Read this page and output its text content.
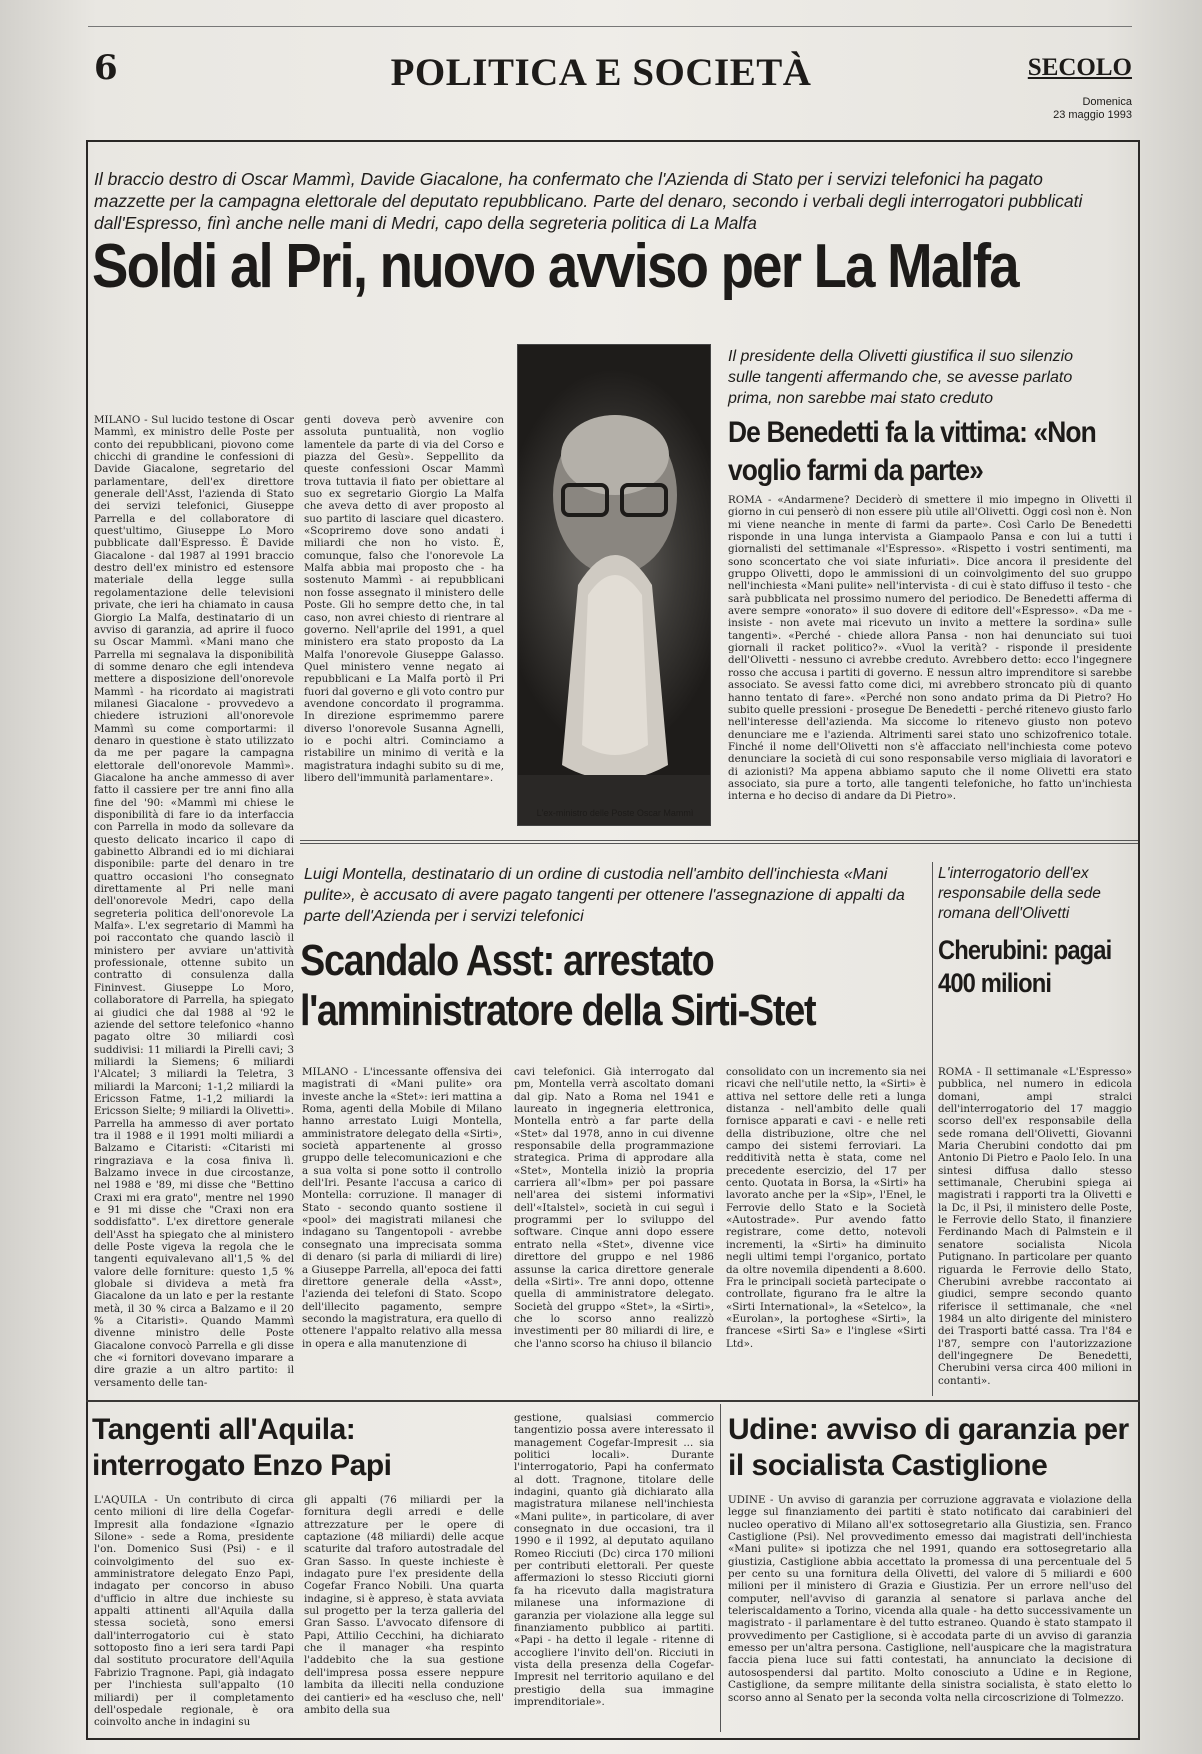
6	POLITICA E SOCIETÀ	SECOLO
Domenica
23 maggio 1993
Il braccio destro di Oscar Mammì, Davide Giacalone, ha confermato che l'Azienda di Stato per i servizi telefonici ha pagato mazzette per la campagna elettorale del deputato repubblicano. Parte del denaro, secondo i verbali degli interrogatori pubblicati dall'Espresso, finì anche nelle mani di Medri, capo della segreteria politica di La Malfa
Soldi al Pri, nuovo avviso per La Malfa
MILANO - Sul lucido testone di Oscar Mammì, ex ministro delle Poste per conto dei repubblicani, piovono come chicchi di grandine le confessioni di Davide Giacalone, segretario del parlamentare, dell'ex direttore generale dell'Asst, l'azienda di Stato dei servizi telefonici, Giuseppe Parrella e del collaboratore di quest'ultimo, Giuseppe Lo Moro pubblicate dall'Espresso. È Davide Giacalone - dal 1987 al 1991 braccio destro dell'ex ministro ed estensore materiale della legge sulla regolamentazione delle televisioni private, che ieri ha chiamato in causa Giorgio La Malfa, destinatario di un avviso di garanzia, ad aprire il fuoco su Oscar Mammì. «Mani mano che Parrella mi segnalava la disponibilità di somme denaro che egli intendeva mettere a disposizione dell'onorevole Mammì - ha ricordato ai magistrati milanesi Giacalone - provvedevo a chiedere istruzioni all'onorevole Mammì su come comportarmi: il denaro in questione è stato utilizzato da me per pagare la campagna elettorale dell'onorevole Mammì». Giacalone ha anche ammesso di aver fatto il cassiere per tre anni fino alla fine del '90: «Mammì mi chiese le disponibilità di fare io da interfaccia con Parrella in modo da sollevare da questo delicato incarico il capo di gabinetto Albrandi ed io mi dichiarai disponibile: parte del denaro in tre quattro occasioni l'ho consegnato direttamente al Pri nelle mani dell'onorevole Medri, capo della segreteria politica dell'onorevole La Malfa». L'ex segretario di Mammì ha poi raccontato che quando lasciò il ministero per avviare un'attività professionale, ottenne subito un contratto di consulenza dalla Fininvest. Giuseppe Lo Moro, collaboratore di Parrella, ha spiegato ai giudici che dal 1988 al '92 le aziende del settore telefonico «hanno pagato oltre 30 miliardi così suddivisi: 11 miliardi la Pirelli cavi; 3 miliardi la Siemens; 6 miliardi l'Alcatel; 3 miliardi la Teletra, 3 miliardi la Marconi; 1-1,2 miliardi la Ericsson Fatme, 1-1,2 miliardi la Ericsson Sielte; 9 miliardi la Olivetti». Parrella ha ammesso di aver portato tra il 1988 e il 1991 molti miliardi a Balzamo e Citaristi: «Citaristi mi ringraziava e la cosa finiva lì. Balzamo invece in due circostanze, nel 1988 e '89, mi disse che "Bettino Craxi mi era grato", mentre nel 1990 e 91 mi disse che "Craxi non era soddisfatto". L'ex direttore generale dell'Asst ha spiegato che al ministero delle Poste vigeva la regola che le tangenti equivalevano all'1,5 % del valore delle forniture: questo 1,5 % globale si divideva a metà fra Giacalone da un lato e per la restante metà, il 30 % circa a Balzamo e il 20 % a Citaristi». Quando Mammì divenne ministro delle Poste Giacalone convocò Parrella e gli disse che «i fornitori dovevano imparare a dire grazie a un altro partito: il versamento delle tan-
genti doveva però avvenire con assoluta puntualità, non voglio lamentele da parte di via del Corso e piazza del Gesù». Seppellito da queste confessioni Oscar Mammì trova tuttavia il fiato per obiettare al suo ex segretario Giorgio La Malfa che aveva detto di aver proposto al suo partito di lasciare quel dicastero. «Scopriremo dove sono andati i miliardi che non ho visto. È, comunque, falso che l'onorevole La Malfa abbia mai proposto che - ha sostenuto Mammì - ai repubblicani non fosse assegnato il ministero delle Poste. Gli ho sempre detto che, in tal caso, non avrei chiesto di rientrare al governo. Nell'aprile del 1991, a quel ministero era stato proposto da La Malfa l'onorevole Giuseppe Galasso. Quel ministero venne negato ai repubblicani e La Malfa portò il Pri fuori dal governo e gli voto contro pur avendone concordato il programma. In direzione esprimemmo parere diverso l'onorevole Susanna Agnelli, io e pochi altri. Cominciamo a ristabilire un minimo di verità e la magistratura indaghi subito su di me, libero dell'immunità parlamentare».
L'ex-ministro delle Poste Oscar Mammì
Il presidente della Olivetti giustifica il suo silenzio sulle tangenti affermando che, se avesse parlato prima, non sarebbe mai stato creduto
De Benedetti fa la vittima: «Non voglio farmi da parte»
ROMA - «Andarmene? Deciderò di smettere il mio impegno in Olivetti il giorno in cui penserò di non essere più utile all'Olivetti. Oggi così non è. Non mi viene neanche in mente di farmi da parte». Così Carlo De Benedetti risponde in una lunga intervista a Giampaolo Pansa e con lui a tutti i giornalisti del settimanale «l'Espresso». «Rispetto i vostri sentimenti, ma sono sconcertato che voi siate infuriati». Dice ancora il presidente del gruppo Olivetti, dopo le ammissioni di un coinvolgimento del suo gruppo nell'inchiesta «Mani pulite» nell'intervista - di cui è stato diffuso il testo - che sarà pubblicata nel prossimo numero del periodico. De Benedetti afferma di avere sempre «onorato» il suo dovere di editore dell'«Espresso». «Da me - insiste - non avete mai ricevuto un invito a mettere la sordina» sulle tangenti». «Perché - chiede allora Pansa - non hai denunciato sui tuoi giornali il racket politico?». «Vuol la verità? - risponde il presidente dell'Olivetti - nessuno ci avrebbe creduto. Avrebbero detto: ecco l'ingegnere rosso che accusa i partiti di governo. E nessun altro imprenditore si sarebbe associato. Se avessi fatto come dici, mi avrebbero stroncato più di quanto hanno tentato di fare». «Perché non sono andato prima da Di Pietro? Ho subito quelle pressioni - prosegue De Benedetti - perché ritenevo giusto farlo nell'interesse dell'azienda. Ma siccome lo ritenevo giusto non potevo denunciare me e l'azienda. Altrimenti sarei stato uno schizofrenico totale. Finché il nome dell'Olivetti non s'è affacciato nell'inchiesta come potevo denunciare la società di cui sono responsabile verso migliaia di lavoratori e di azionisti? Ma appena abbiamo saputo che il nome Olivetti era stato associato, sia pure a torto, alle tangenti telefoniche, ho fatto un'inchiesta interna e ho deciso di andare da Di Pietro».
Luigi Montella, destinatario di un ordine di custodia nell'ambito dell'inchiesta «Mani pulite», è accusato di avere pagato tangenti per ottenere l'assegnazione di appalti da parte dell'Azienda per i servizi telefonici
Scandalo Asst: arrestato l'amministratore della Sirti-Stet
MILANO - L'incessante offensiva dei magistrati di «Mani pulite» ora investe anche la «Stet»: ieri mattina a Roma, agenti della Mobile di Milano hanno arrestato Luigi Montella, amministratore delegato della «Sirti», società appartenente al grosso gruppo delle telecomunicazioni e che a sua volta si pone sotto il controllo dell'Iri. Pesante l'accusa a carico di Montella: corruzione. Il manager di Stato - secondo quanto sostiene il «pool» dei magistrati milanesi che indagano su Tangentopoli - avrebbe consegnato una imprecisata somma di denaro (si parla di miliardi di lire) a Giuseppe Parrella, all'epoca dei fatti direttore generale della «Asst», l'azienda dei telefoni di Stato. Scopo dell'illecito pagamento, sempre secondo la magistratura, era quello di ottenere l'appalto relativo alla messa in opera e alla manutenzione di
cavi telefonici. Già interrogato dal pm, Montella verrà ascoltato domani dal gip. Nato a Roma nel 1941 e laureato in ingegneria elettronica, Montella entrò a far parte della «Stet» dal 1978, anno in cui divenne responsabile della programmazione strategica. Prima di approdare alla «Stet», Montella iniziò la propria carriera all'«Ibm» per poi passare nell'area dei sistemi informativi dell'«Italstel», società in cui seguì i programmi per lo sviluppo del software. Cinque anni dopo essere entrato nella «Stet», divenne vice direttore del gruppo e nel 1986 assunse la carica direttore generale della «Sirti». Tre anni dopo, ottenne quella di amministratore delegato. Società del gruppo «Stet», la «Sirti», che lo scorso anno realizzò investimenti per 80 miliardi di lire, e che l'anno scorso ha chiuso il bilancio
consolidato con un incremento sia nei ricavi che nell'utile netto, la «Sirti» è attiva nel settore delle reti a lunga distanza - nell'ambito delle quali fornisce apparati e cavi - e nelle reti della distribuzione, oltre che nel campo dei sistemi ferroviari. La redditività netta è stata, come nel precedente esercizio, del 17 per cento. Quotata in Borsa, la «Sirti» ha lavorato anche per la «Sip», l'Enel, le Ferrovie dello Stato e la Società «Autostrade». Pur avendo fatto registrare, come detto, notevoli incrementi, la «Sirti» ha diminuito negli ultimi tempi l'organico, portato da oltre novemila dipendenti a 8.600. Fra le principali società partecipate o controllate, figurano fra le altre la «Sirti International», la «Setelco», la «Eurolan», la portoghese «Sirti», la francese «Sirti Sa» e l'inglese «Sirti Ltd».
L'interrogatorio dell'ex responsabile della sede romana dell'Olivetti
Cherubini: pagai 400 milioni
ROMA - Il settimanale «L'Espresso» pubblica, nel numero in edicola domani, ampi stralci dell'interrogatorio del 17 maggio scorso dell'ex responsabile della sede romana dell'Olivetti, Giovanni Maria Cherubini condotto dai pm Antonio Di Pietro e Paolo Ielo. In una sintesi diffusa dallo stesso settimanale, Cherubini spiega ai magistrati i rapporti tra la Olivetti e la Dc, il Psi, il ministero delle Poste, le Ferrovie dello Stato, il finanziere Ferdinando Mach di Palmstein e il senatore socialista Nicola Putignano. In particolare per quanto riguarda le Ferrovie dello Stato, Cherubini avrebbe raccontato ai giudici, sempre secondo quanto riferisce il settimanale, che «nel 1984 un alto dirigente del ministero dei Trasporti batté cassa. Tra l'84 e l'87, sempre con l'autorizzazione dell'ingegnere De Benedetti, Cherubini versa circa 400 milioni in contanti».
Tangenti all'Aquila: interrogato Enzo Papi
L'AQUILA - Un contributo di circa cento milioni di lire della Cogefar-Impresit alla fondazione «Ignazio Silone» - sede a Roma, presidente l'on. Domenico Susi (Psi) - e il coinvolgimento del suo ex-amministratore delegato Enzo Papi, indagato per concorso in abuso d'ufficio in altre due inchieste su appalti attinenti all'Aquila dalla stessa società, sono emersi dall'interrogatorio cui è stato sottoposto fino a ieri sera tardi Papi dal sostituto procuratore dell'Aquila Fabrizio Tragnone. Papi, già indagato per l'inchiesta sull'appalto (10 miliardi) per il completamento dell'ospedale regionale, è ora coinvolto anche in indagini su
gli appalti (76 miliardi per la fornitura degli arredi e delle attrezzature per le opere di captazione (48 miliardi) delle acque scaturite dal traforo autostradale del Gran Sasso. In queste inchieste è indagato pure l'ex presidente della Cogefar Franco Nobili. Una quarta indagine, si è appreso, è stata avviata sul progetto per la terza galleria del Gran Sasso. L'avvocato difensore di Papi, Attilio Cecchini, ha dichiarato che il manager «ha respinto l'addebito che la sua gestione dell'impresa possa essere neppure lambita da illeciti nella conduzione dei cantieri» ed ha «escluso che, nell' ambito della sua
gestione, qualsiasi commercio tangentizio possa avere interessato il management Cogefar-Impresit ... sia politici locali». Durante l'interrogatorio, Papi ha confermato al dott. Tragnone, titolare delle indagini, quanto già dichiarato alla magistratura milanese nell'inchiesta «Mani pulite», in particolare, di aver consegnato in due occasioni, tra il 1990 e il 1992, al deputato aquilano Romeo Ricciuti (Dc) circa 170 milioni per contributi elettorali. Per queste affermazioni lo stesso Ricciuti giorni fa ha ricevuto dalla magistratura milanese una informazione di garanzia per violazione alla legge sul finanziamento pubblico ai partiti. «Papi - ha detto il legale - ritenne di accogliere l'invito dell'on. Ricciuti in vista della presenza della Cogefar-Impresit nel territorio aquilano e del prestigio della sua immagine imprenditoriale».
Udine: avviso di garanzia per il socialista Castiglione
UDINE - Un avviso di garanzia per corruzione aggravata e violazione della legge sul finanziamento dei partiti è stato notificato dai carabinieri del nucleo operativo di Milano all'ex sottosegretario alla Giustizia, sen. Franco Castiglione (Psi). Nel provvedimento emesso dai magistrati dell'inchiesta «Mani pulite» si ipotizza che nel 1991, quando era sottosegretario alla giustizia, Castiglione abbia accettato la promessa di una percentuale del 5 per cento su una fornitura della Olivetti, del valore di 5 miliardi e 600 milioni per il ministero di Grazia e Giustizia. Per un errore nell'uso del computer, nell'avviso di garanzia al senatore si parlava anche del teleriscaldamento a Torino, vicenda alla quale - ha detto successivamente un magistrato - il parlamentare è del tutto estraneo. Quando è stato stampato il provvedimento per Castiglione, si è accodata parte di un avviso di garanzia emesso per un'altra persona. Castiglione, nell'auspicare che la magistratura faccia piena luce sui fatti contestati, ha annunciato la decisione di autosospendersi dal partito. Molto conosciuto a Udine e in Regione, Castiglione, da sempre militante della sinistra socialista, è stato eletto lo scorso anno al Senato per la seconda volta nella circoscrizione di Tolmezzo.
